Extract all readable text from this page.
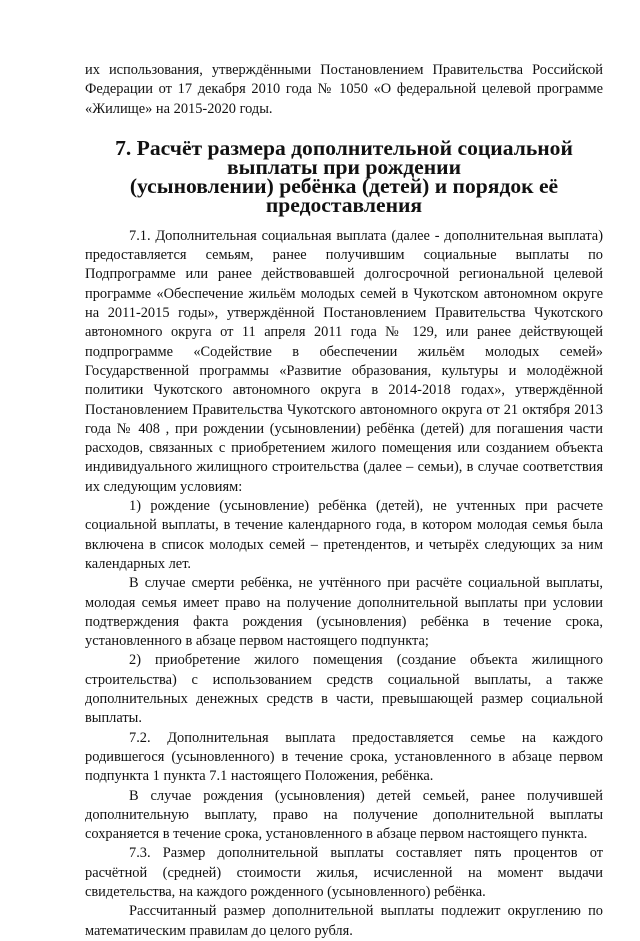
их использования, утверждёнными Постановлением Правительства Российской Федерации от 17 декабря 2010 года № 1050 «О федеральной целевой программе «Жилище» на 2015-2020 годы.

7. Расчёт размера дополнительной социальной выплаты при рождении
(усыновлении) ребёнка (детей) и порядок её предоставления

7.1. Дополнительная социальная выплата (далее - дополнительная выплата) предоставляется семьям, ранее получившим социальные выплаты по Подпрограмме или ранее действовавшей долгосрочной региональной целевой программе «Обеспечение жильём молодых семей в Чукотском автономном округе на 2011-2015 годы», утверждённой Постановлением Правительства Чукотского автономного округа от 11 апреля 2011 года № 129, или ранее действующей подпрограмме «Содействие в обеспечении жильём молодых семей» Государственной программы «Развитие образования, культуры и молодёжной политики Чукотского автономного округа в 2014-2018 годах», утверждённой Постановлением Правительства Чукотского автономного округа от 21 октября 2013 года № 408 , при рождении (усыновлении) ребёнка (детей) для погашения части расходов, связанных с приобретением жилого помещения или созданием объекта индивидуального жилищного строительства (далее – семьи), в случае соответствия их следующим условиям:

1) рождение (усыновление) ребёнка (детей), не учтенных при расчете социальной выплаты, в течение календарного года, в котором молодая семья была включена в список молодых семей – претендентов, и четырёх следующих за ним календарных лет.

В случае смерти ребёнка, не учтённого при расчёте социальной выплаты, молодая семья имеет право на получение дополнительной выплаты при условии подтверждения факта рождения (усыновления) ребёнка в течение срока, установленного в абзаце первом настоящего подпункта;

2) приобретение жилого помещения (создание объекта жилищного строительства) с использованием средств социальной выплаты, а также дополнительных денежных средств в части, превышающей размер социальной выплаты.

7.2. Дополнительная выплата предоставляется семье на каждого родившегося (усыновленного) в течение срока, установленного в абзаце первом подпункта 1 пункта 7.1 настоящего Положения, ребёнка.

В случае рождения (усыновления) детей семьей, ранее получившей дополнительную выплату, право на получение дополнительной выплаты сохраняется в течение срока, установленного в абзаце первом настоящего пункта.

7.3. Размер дополнительной выплаты составляет пять процентов от расчётной (средней) стоимости жилья, исчисленной на момент выдачи свидетельства, на каждого рожденного (усыновленного) ребёнка.

Рассчитанный размер дополнительной выплаты подлежит округлению по математическим правилам до целого рубля.
